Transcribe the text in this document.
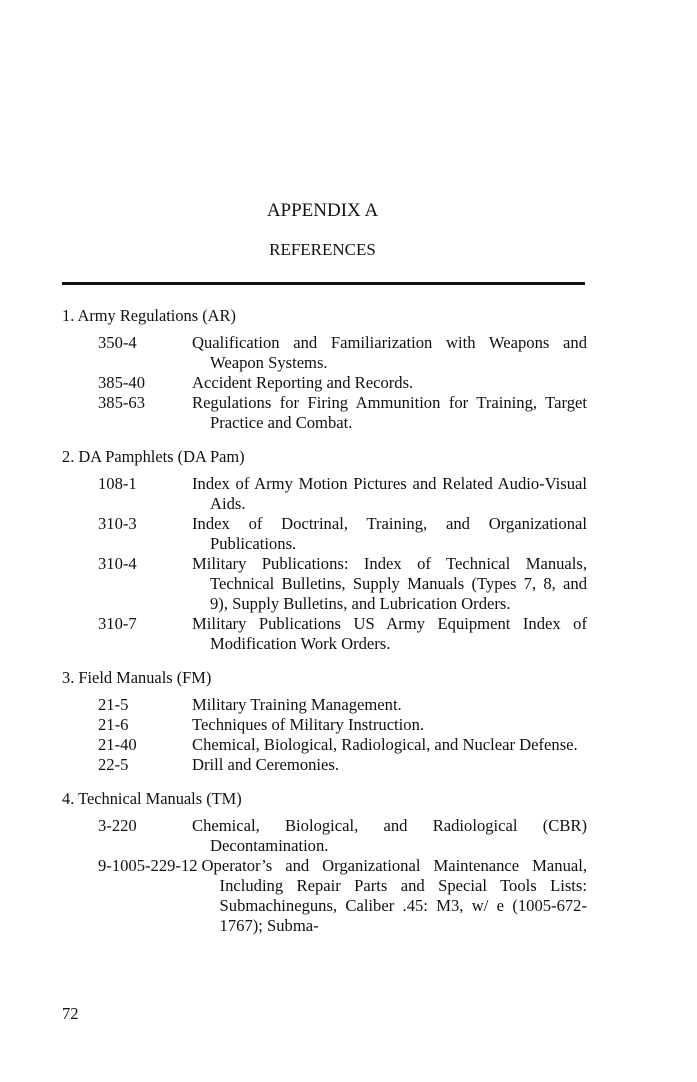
APPENDIX A
REFERENCES
1. Army Regulations (AR)
350-4	Qualification and Familiarization with Weapons and Weapon Systems.
385-40	Accident Reporting and Records.
385-63	Regulations for Firing Ammunition for Training, Target Practice and Combat.
2. DA Pamphlets (DA Pam)
108-1	Index of Army Motion Pictures and Related Audio-Visual Aids.
310-3	Index of Doctrinal, Training, and Organizational Publications.
310-4	Military Publications: Index of Technical Manuals, Technical Bulletins, Supply Manuals (Types 7, 8, and 9), Supply Bulletins, and Lubrication Orders.
310-7	Military Publications US Army Equipment Index of Modification Work Orders.
3. Field Manuals (FM)
21-5	Military Training Management.
21-6	Techniques of Military Instruction.
21-40	Chemical, Biological, Radiological, and Nuclear Defense.
22-5	Drill and Ceremonies.
4. Technical Manuals (TM)
3-220	Chemical, Biological, and Radiological (CBR) Decontamination.
9-1005-229-12 Operator’s and Organizational Maintenance Manual, Including Repair Parts and Special Tools Lists: Submachineguns, Caliber .45: M3, w/ e (1005-672-1767); Subma-
72
